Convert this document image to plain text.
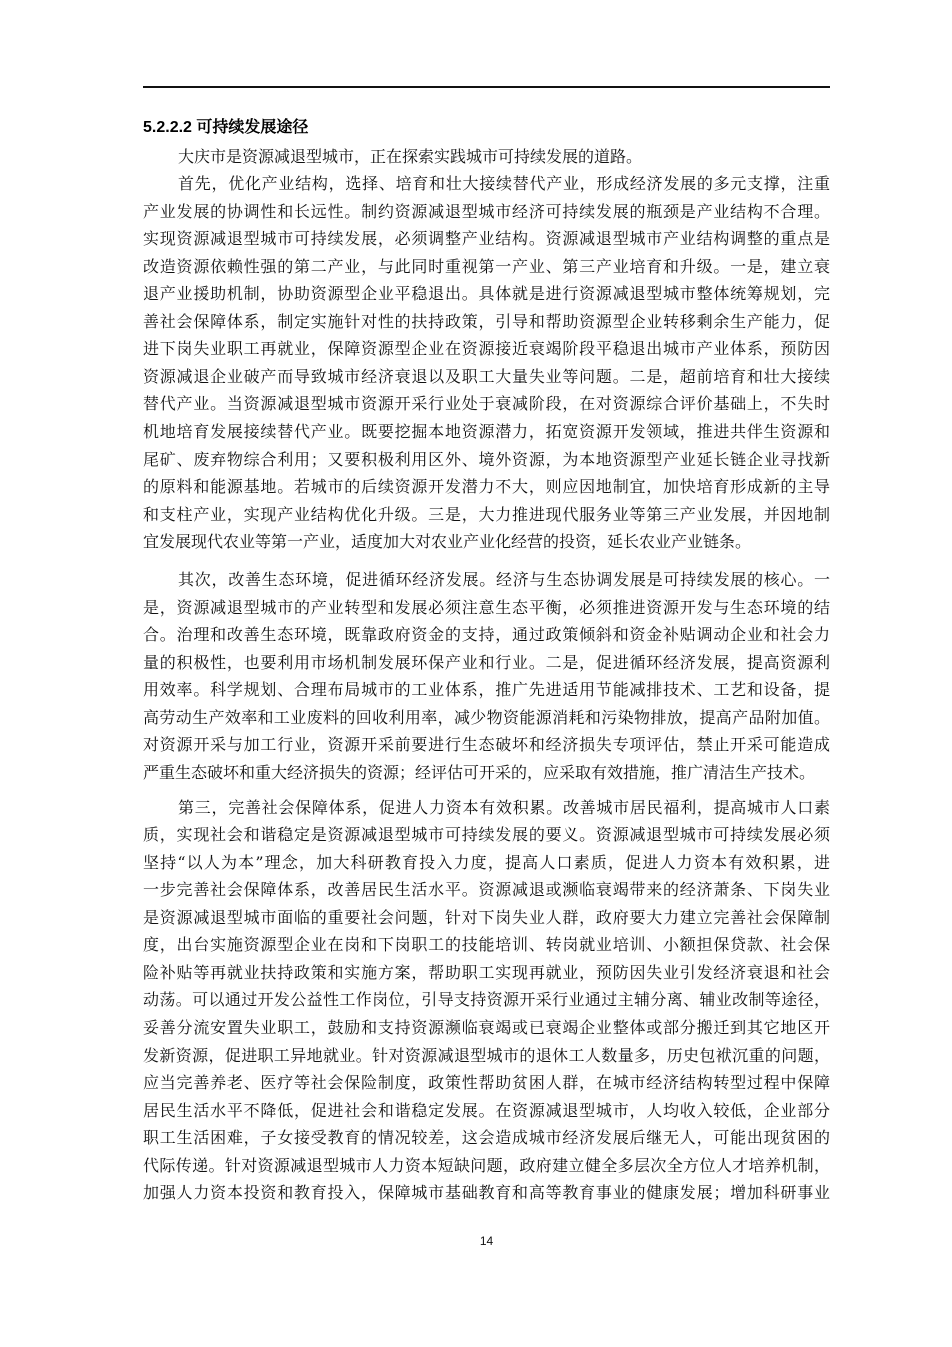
5.2.2.2 可持续发展途径
大庆市是资源减退型城市，正在探索实践城市可持续发展的道路。
首先，优化产业结构，选择、培育和壮大接续替代产业，形成经济发展的多元支撑，注重
产业发展的协调性和长远性。制约资源减退型城市经济可持续发展的瓶颈是产业结构不合理。
实现资源减退型城市可持续发展，必须调整产业结构。资源减退型城市产业结构调整的重点是
改造资源依赖性强的第二产业，与此同时重视第一产业、第三产业培育和升级。一是，建立衰
退产业援助机制，协助资源型企业平稳退出。具体就是进行资源减退型城市整体统筹规划，完
善社会保障体系，制定实施针对性的扶持政策，引导和帮助资源型企业转移剩余生产能力，促
进下岗失业职工再就业，保障资源型企业在资源接近衰竭阶段平稳退出城市产业体系，预防因
资源减退企业破产而导致城市经济衰退以及职工大量失业等问题。二是，超前培育和壮大接续
替代产业。当资源减退型城市资源开采行业处于衰减阶段，在对资源综合评价基础上，不失时
机地培育发展接续替代产业。既要挖掘本地资源潜力，拓宽资源开发领域，推进共伴生资源和
尾矿、废弃物综合利用；又要积极利用区外、境外资源，为本地资源型产业延长链企业寻找新
的原料和能源基地。若城市的后续资源开发潜力不大，则应因地制宜，加快培育形成新的主导
和支柱产业，实现产业结构优化升级。三是，大力推进现代服务业等第三产业发展，并因地制
宜发展现代农业等第一产业，适度加大对农业产业化经营的投资，延长农业产业链条。
其次，改善生态环境，促进循环经济发展。经济与生态协调发展是可持续发展的核心。一
是，资源减退型城市的产业转型和发展必须注意生态平衡，必须推进资源开发与生态环境的结
合。治理和改善生态环境，既靠政府资金的支持，通过政策倾斜和资金补贴调动企业和社会力
量的积极性，也要利用市场机制发展环保产业和行业。二是，促进循环经济发展，提高资源利
用效率。科学规划、合理布局城市的工业体系，推广先进适用节能减排技术、工艺和设备，提
高劳动生产效率和工业废料的回收利用率，减少物资能源消耗和污染物排放，提高产品附加值。
对资源开采与加工行业，资源开采前要进行生态破坏和经济损失专项评估，禁止开采可能造成
严重生态破坏和重大经济损失的资源；经评估可开采的，应采取有效措施，推广清洁生产技术。
第三，完善社会保障体系，促进人力资本有效积累。改善城市居民福利，提高城市人口素
质，实现社会和谐稳定是资源减退型城市可持续发展的要义。资源减退型城市可持续发展必须
坚持“以人为本”理念，加大科研教育投入力度，提高人口素质，促进人力资本有效积累，进
一步完善社会保障体系，改善居民生活水平。资源减退或濒临衰竭带来的经济萧条、下岗失业
是资源减退型城市面临的重要社会问题，针对下岗失业人群，政府要大力建立完善社会保障制
度，出台实施资源型企业在岗和下岗职工的技能培训、转岗就业培训、小额担保贷款、社会保
险补贴等再就业扶持政策和实施方案，帮助职工实现再就业，预防因失业引发经济衰退和社会
动荡。可以通过开发公益性工作岗位，引导支持资源开采行业通过主辅分离、辅业改制等途径，
妥善分流安置失业职工，鼓励和支持资源濒临衰竭或已衰竭企业整体或部分搬迁到其它地区开
发新资源，促进职工异地就业。针对资源减退型城市的退休工人数量多，历史包袱沉重的问题，
应当完善养老、医疗等社会保险制度，政策性帮助贫困人群，在城市经济结构转型过程中保障
居民生活水平不降低，促进社会和谐稳定发展。在资源减退型城市，人均收入较低，企业部分
职工生活困难，子女接受教育的情况较差，这会造成城市经济发展后继无人，可能出现贫困的
代际传递。针对资源减退型城市人力资本短缺问题，政府建立健全多层次全方位人才培养机制，
加强人力资本投资和教育投入，保障城市基础教育和高等教育事业的健康发展；增加科研事业
14
